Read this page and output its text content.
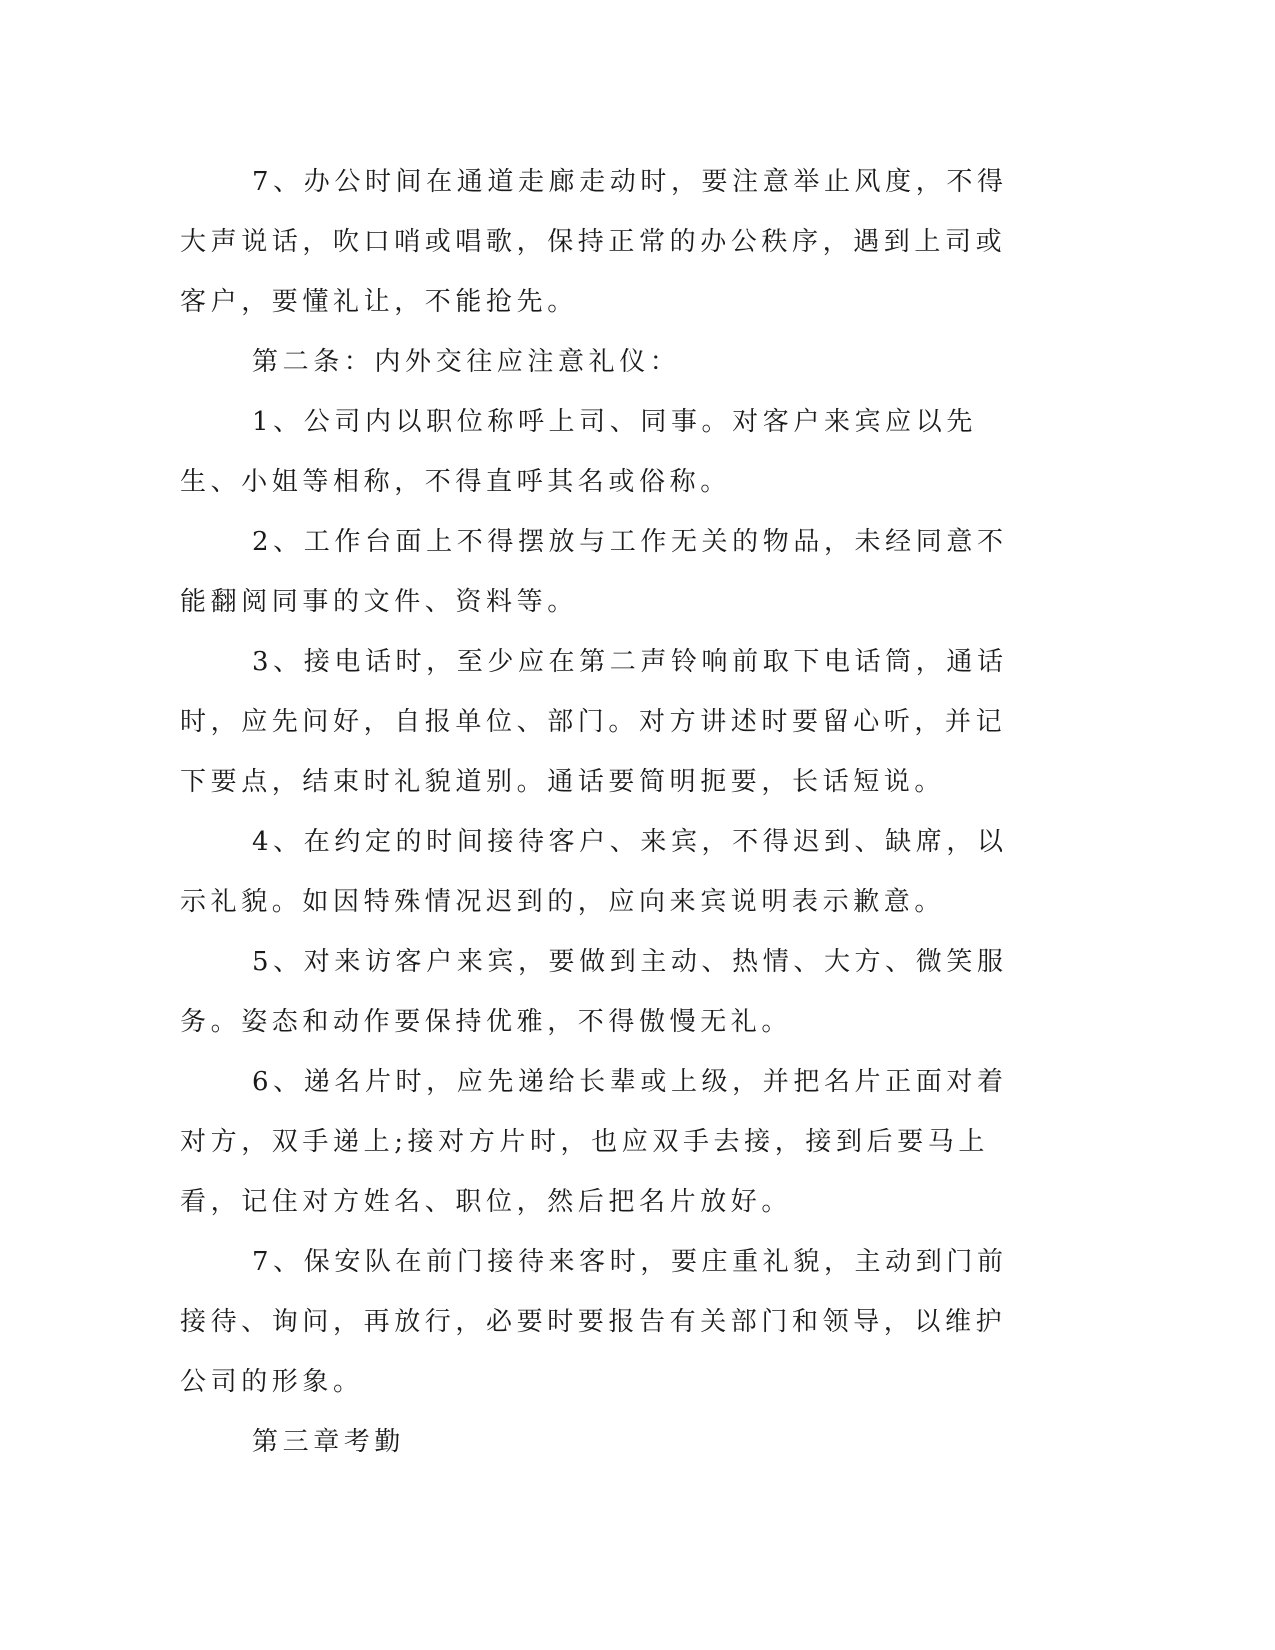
7、办公时间在通道走廊走动时，要注意举止风度，不得大声说话，吹口哨或唱歌，保持正常的办公秩序，遇到上司或客户，要懂礼让，不能抢先。

第二条：内外交往应注意礼仪：

1、公司内以职位称呼上司、同事。对客户来宾应以先生、小姐等相称，不得直呼其名或俗称。

2、工作台面上不得摆放与工作无关的物品，未经同意不能翻阅同事的文件、资料等。

3、接电话时，至少应在第二声铃响前取下电话筒，通话时，应先问好，自报单位、部门。对方讲述时要留心听，并记下要点，结束时礼貌道别。通话要简明扼要，长话短说。

4、在约定的时间接待客户、来宾，不得迟到、缺席，以示礼貌。如因特殊情况迟到的，应向来宾说明表示歉意。

5、对来访客户来宾，要做到主动、热情、大方、微笑服务。姿态和动作要保持优雅，不得傲慢无礼。

6、递名片时，应先递给长辈或上级，并把名片正面对着对方，双手递上;接对方片时，也应双手去接，接到后要马上看，记住对方姓名、职位，然后把名片放好。

7、保安队在前门接待来客时，要庄重礼貌，主动到门前接待、询问，再放行，必要时要报告有关部门和领导，以维护公司的形象。

第三章考勤
